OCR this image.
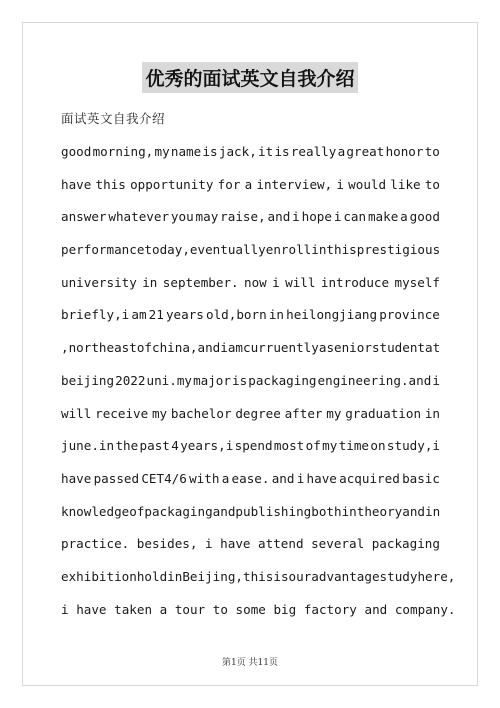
优秀的面试英文自我介绍
面试英文自我介绍
good morning, my name is jack, it is really a great honor to
have this opportunity for a interview, i would like to
answer whatever you may raise, and i hope i can make a good
performance today, eventually enroll in this prestigious
university in september. now i will introduce myself
briefly,i am 21 years old,born in heilongjiang province
,northeast of china,and i am curruently a senior student at
beijing 2022 uni.my major is packaging engineering.and i
will receive my bachelor degree after my graduation in
june.in the past 4 years,i spend most of my time on study,i
have passed CET4/6 with a ease. and i have acquired basic
knowledge of packaging and publishing both in theory and in
practice. besides, i have attend several packaging
exhibition hold in Beijing, this is our advantage study here,
i have taken a tour to some big factory and company.
第1页 共11页
